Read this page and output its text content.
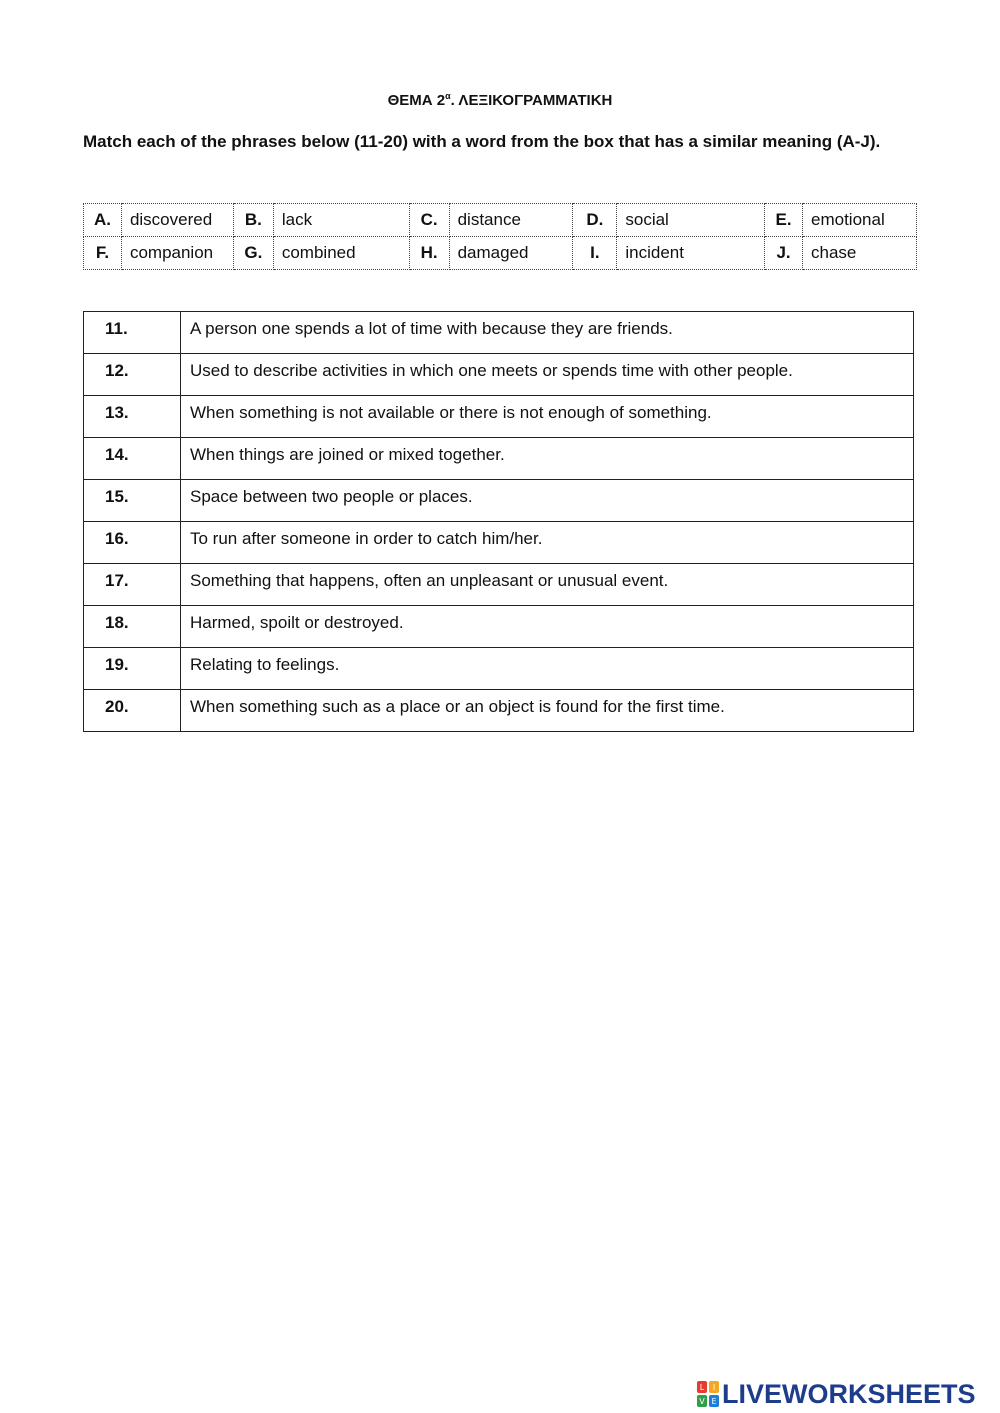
ΘΕΜΑ $2^\alpha$. ΛΕΞΙΚΟΓΡΑΜΜΑΤΙΚΗ
Match each of the phrases below (11-20) with a word from the box that has a similar meaning (A-J).
A.	discovered	B.	lack	C.	distance	D.	social	E.	emotional
F.	companion	G.	combined	H.	damaged	I.	incident	J.	chase
11.	A person one spends a lot of time with because they are friends.
12.	Used to describe activities in which one meets or spends time with other people.
13.	When something is not available or there is not enough of something.
14.	When things are joined or mixed together.
15.	Space between two people or places.
16.	To run after someone in order to catch him/her.
17.	Something that happens, often an unpleasant or unusual event.
18.	Harmed, spoilt or destroyed.
19.	Relating to feelings.
20.	When something such as a place or an object is found for the first time.
L I
V E LIVEWORKSHEETS
